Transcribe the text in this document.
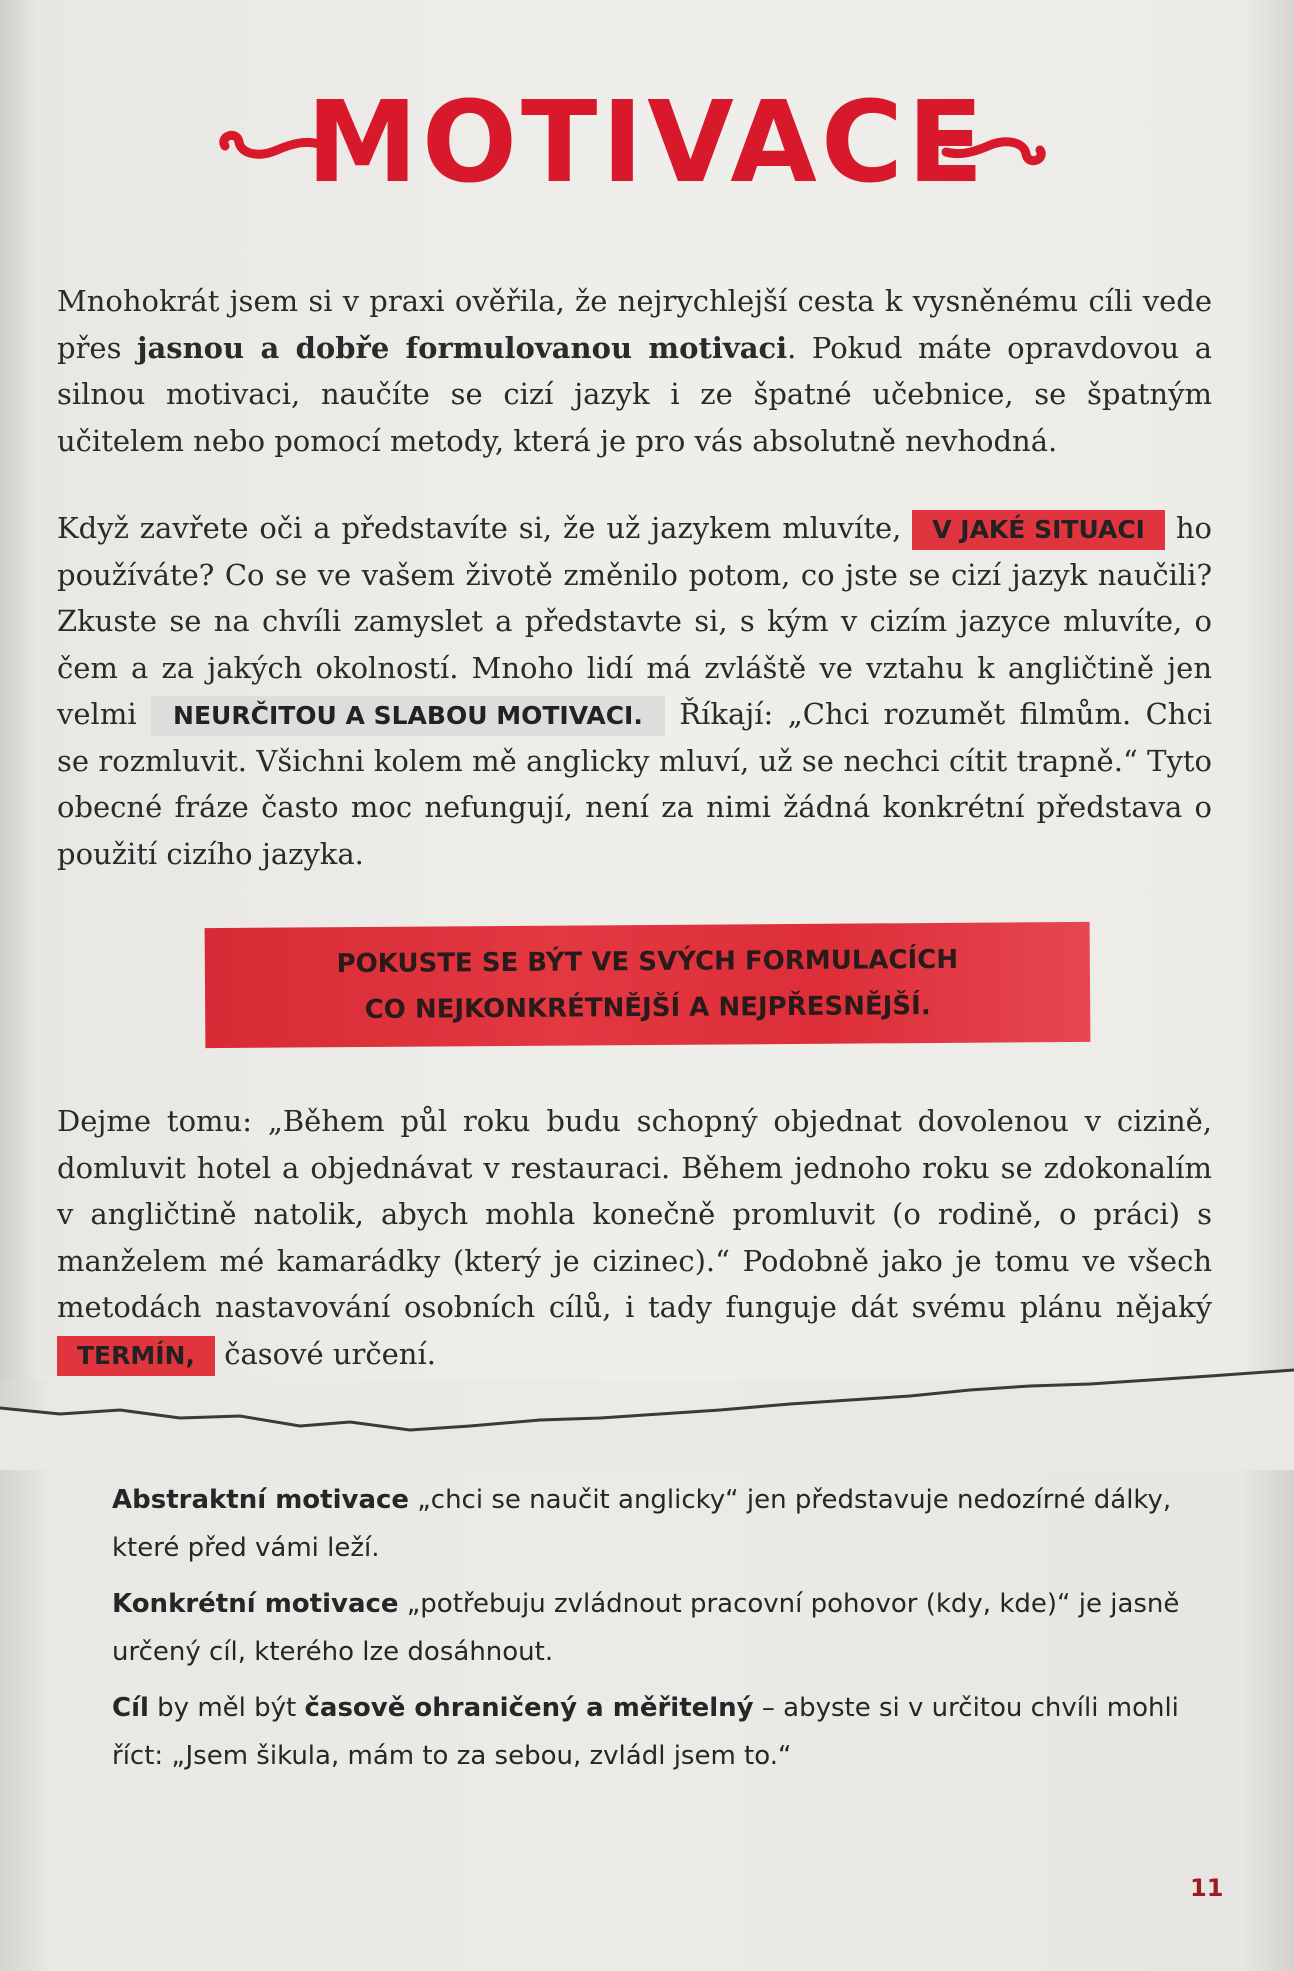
MOTIVACE
Mnohokrát jsem si v praxi ověřila, že nejrychlejší cesta k vysněnému cíli vede přes jasnou a dobře formulovanou motivaci. Pokud máte opravdovou a silnou motivaci, naučíte se cizí jazyk i ze špatné učebnice, se špatným učitelem nebo pomocí metody, která je pro vás absolutně nevhodná.
Když zavřete oči a představíte si, že už jazykem mluvíte, V JAKÉ SITUACI ho používáte? Co se ve vašem životě změnilo potom, co jste se cizí jazyk naučili? Zkuste se na chvíli zamyslet a představte si, s kým v cizím jazyce mluvíte, o čem a za jakých okolností. Mnoho lidí má zvláště ve vztahu k angličtině jen velmi NEURČITOU A SLABOU MOTIVACI. Říkají: „Chci rozumět filmům. Chci se rozmluvit. Všichni kolem mě anglicky mluví, už se nechci cítit trapně.“ Tyto obecné fráze často moc nefungují, není za nimi žádná konkrétní představa o použití cizího jazyka.
POKUSTE SE BÝT VE SVÝCH FORMULACÍCH
CO NEJKONKRÉTNĚJŠÍ A NEJPŘESNĚJŠÍ.
Dejme tomu: „Během půl roku budu schopný objednat dovolenou v cizině, domluvit hotel a objednávat v restauraci. Během jednoho roku se zdokonalím v angličtině natolik, abych mohla konečně promluvit (o rodině, o práci) s manželem mé kamarádky (který je cizinec).“ Podobně jako je tomu ve všech metodách nastavování osobních cílů, i tady funguje dát svému plánu nějaký TERMÍN, časové určení.

Abstraktní motivace „chci se naučit anglicky“ jen představuje nedozírné dálky, které před vámi leží.

Konkrétní motivace „potřebuju zvládnout pracovní pohovor (kdy, kde)“ je jasně určený cíl, kterého lze dosáhnout.

Cíl by měl být časově ohraničený a měřitelný – abyste si v určitou chvíli mohli říct: „Jsem šikula, mám to za sebou, zvládl jsem to.“

11
